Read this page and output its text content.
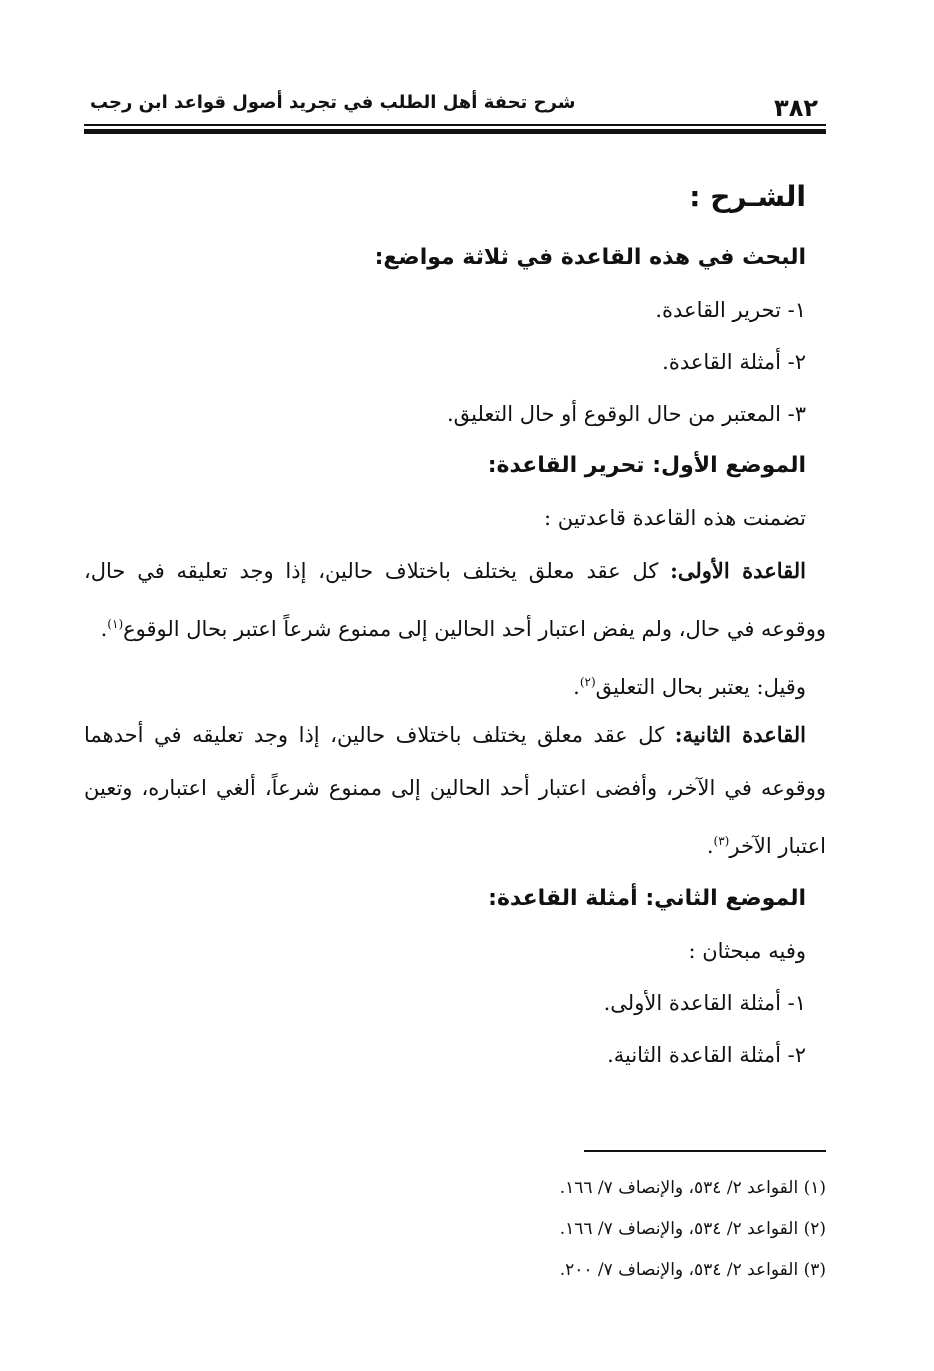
٣٨٢
شرح تحفة أهل الطلب في تجريد أصول قواعد ابن رجب
الشـرح :
البحث في هذه القاعدة في ثلاثة مواضع:
١- تحرير القاعدة.
٢- أمثلة القاعدة.
٣- المعتبر من حال الوقوع أو حال التعليق.
الموضع الأول: تحرير القاعدة:
تضمنت هذه القاعدة قاعدتين :

القاعدة الأولى: كل عقد معلق يختلف باختلاف حالين، إذا وجد تعليقه في حال، ووقوعه في حال، ولم يفض اعتبار أحد الحالين إلى ممنوع شرعاً اعتبر بحال الوقوع$^{(١)}$.

وقيل: يعتبر بحال التعليق$^{(٢)}$.

القاعدة الثانية: كل عقد معلق يختلف باختلاف حالين، إذا وجد تعليقه في أحدهما ووقوعه في الآخر، وأفضى اعتبار أحد الحالين إلى ممنوع شرعاً، ألغي اعتباره، وتعين اعتبار الآخر$^{(٣)}$.

الموضع الثاني: أمثلة القاعدة:
وفيه مبحثان :
١- أمثلة القاعدة الأولى.
٢- أمثلة القاعدة الثانية.
(١) القواعد ٢/ ٥٣٤، والإنصاف ٧/ ١٦٦.
(٢) القواعد ٢/ ٥٣٤، والإنصاف ٧/ ١٦٦.
(٣) القواعد ٢/ ٥٣٤، والإنصاف ٧/ ٢٠٠.
